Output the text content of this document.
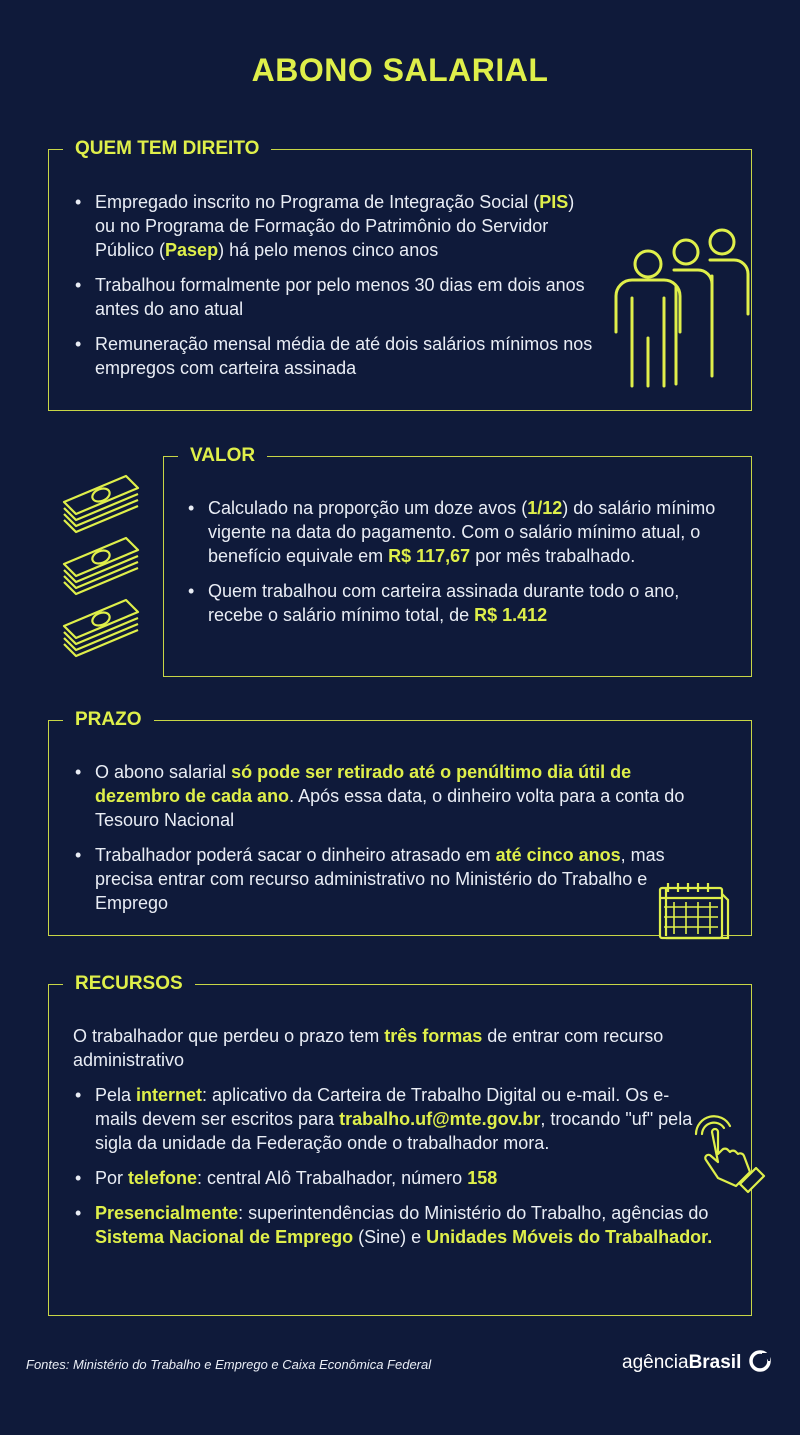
ABONO SALARIAL
QUEM TEM DIREITO
• Empregado inscrito no Programa de Integração Social (PIS) ou no Programa de Formação do Patrimônio do Servidor Público (Pasep) há pelo menos cinco anos
• Trabalhou formalmente por pelo menos 30 dias em dois anos antes do ano atual
• Remuneração mensal média de até dois salários mínimos nos empregos com carteira assinada
VALOR
• Calculado na proporção um doze avos (1/12) do salário mínimo vigente na data do pagamento. Com o salário mínimo atual, o benefício equivale em R$ 117,67 por mês trabalhado.
• Quem trabalhou com carteira assinada durante todo o ano, recebe o salário mínimo total, de R$ 1.412
PRAZO
• O abono salarial só pode ser retirado até o penúltimo dia útil de dezembro de cada ano. Após essa data, o dinheiro volta para a conta do Tesouro Nacional
• Trabalhador poderá sacar o dinheiro atrasado em até cinco anos, mas precisa entrar com recurso administrativo no Ministério do Trabalho e Emprego
RECURSOS
O trabalhador que perdeu o prazo tem três formas de entrar com recurso administrativo
• Pela internet: aplicativo da Carteira de Trabalho Digital ou e-mail. Os e-mails devem ser escritos para trabalho.uf@mte.gov.br, trocando "uf" pela sigla da unidade da Federação onde o trabalhador mora.
• Por telefone: central Alô Trabalhador, número 158
• Presencialmente: superintendências do Ministério do Trabalho, agências do Sistema Nacional de Emprego (Sine) e Unidades Móveis do Trabalhador.
Fontes: Ministério do Trabalho e Emprego e Caixa Econômica Federal	agênciaBrasil
